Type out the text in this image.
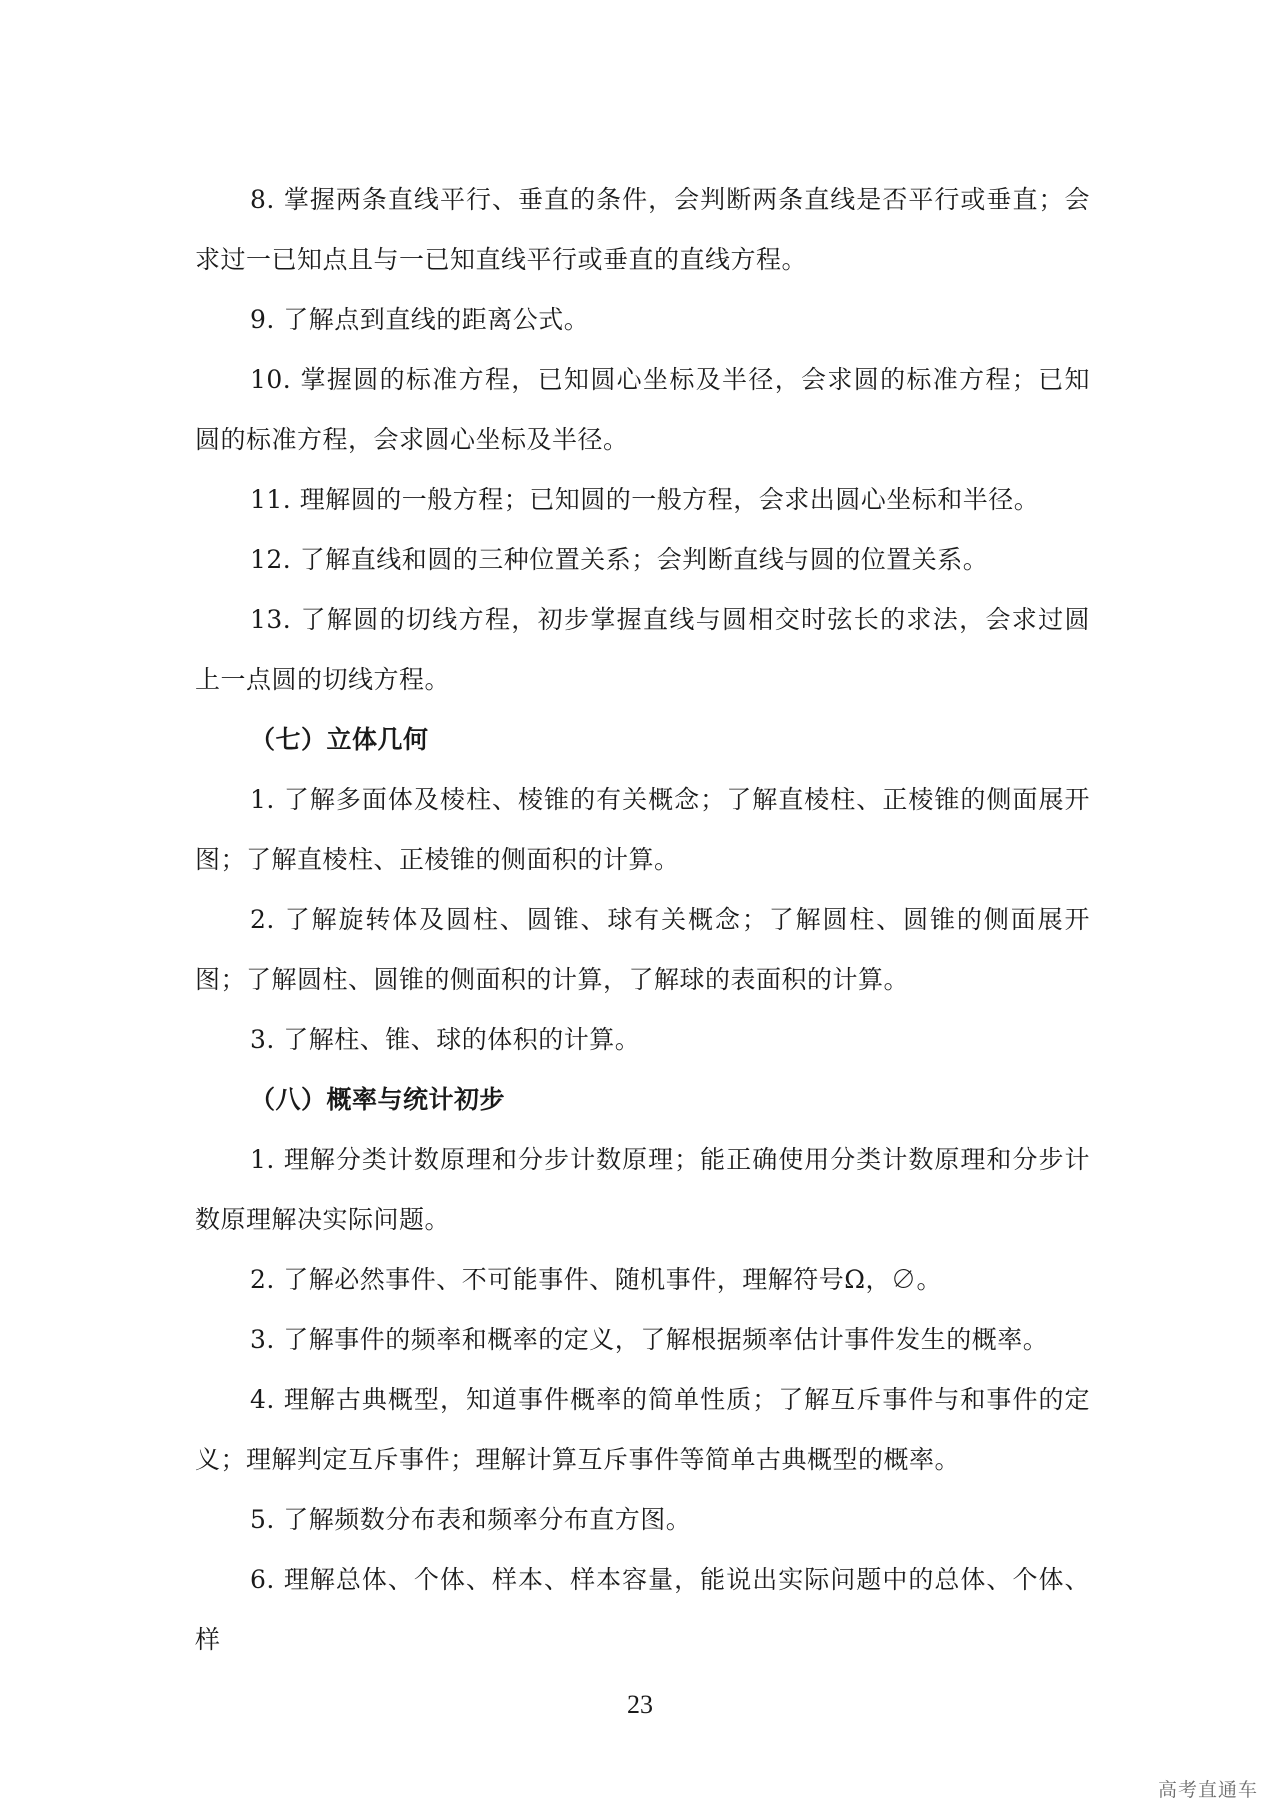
8. 掌握两条直线平行、垂直的条件，会判断两条直线是否平行或垂直；会求过一已知点且与一已知直线平行或垂直的直线方程。

9. 了解点到直线的距离公式。

10. 掌握圆的标准方程，已知圆心坐标及半径，会求圆的标准方程；已知圆的标准方程，会求圆心坐标及半径。

11. 理解圆的一般方程；已知圆的一般方程，会求出圆心坐标和半径。

12. 了解直线和圆的三种位置关系；会判断直线与圆的位置关系。

13. 了解圆的切线方程，初步掌握直线与圆相交时弦长的求法，会求过圆上一点圆的切线方程。

（七）立体几何

1. 了解多面体及棱柱、棱锥的有关概念；了解直棱柱、正棱锥的侧面展开图；了解直棱柱、正棱锥的侧面积的计算。

2. 了解旋转体及圆柱、圆锥、球有关概念；了解圆柱、圆锥的侧面展开图；了解圆柱、圆锥的侧面积的计算，了解球的表面积的计算。

3. 了解柱、锥、球的体积的计算。

（八）概率与统计初步

1. 理解分类计数原理和分步计数原理；能正确使用分类计数原理和分步计数原理解决实际问题。

2. 了解必然事件、不可能事件、随机事件，理解符号Ω，∅。

3. 了解事件的频率和概率的定义，了解根据频率估计事件发生的概率。

4. 理解古典概型，知道事件概率的简单性质；了解互斥事件与和事件的定义；理解判定互斥事件；理解计算互斥事件等简单古典概型的概率。

5. 了解频数分布表和频率分布直方图。

6. 理解总体、个体、样本、样本容量，能说出实际问题中的总体、个体、样

23
高考直通车
